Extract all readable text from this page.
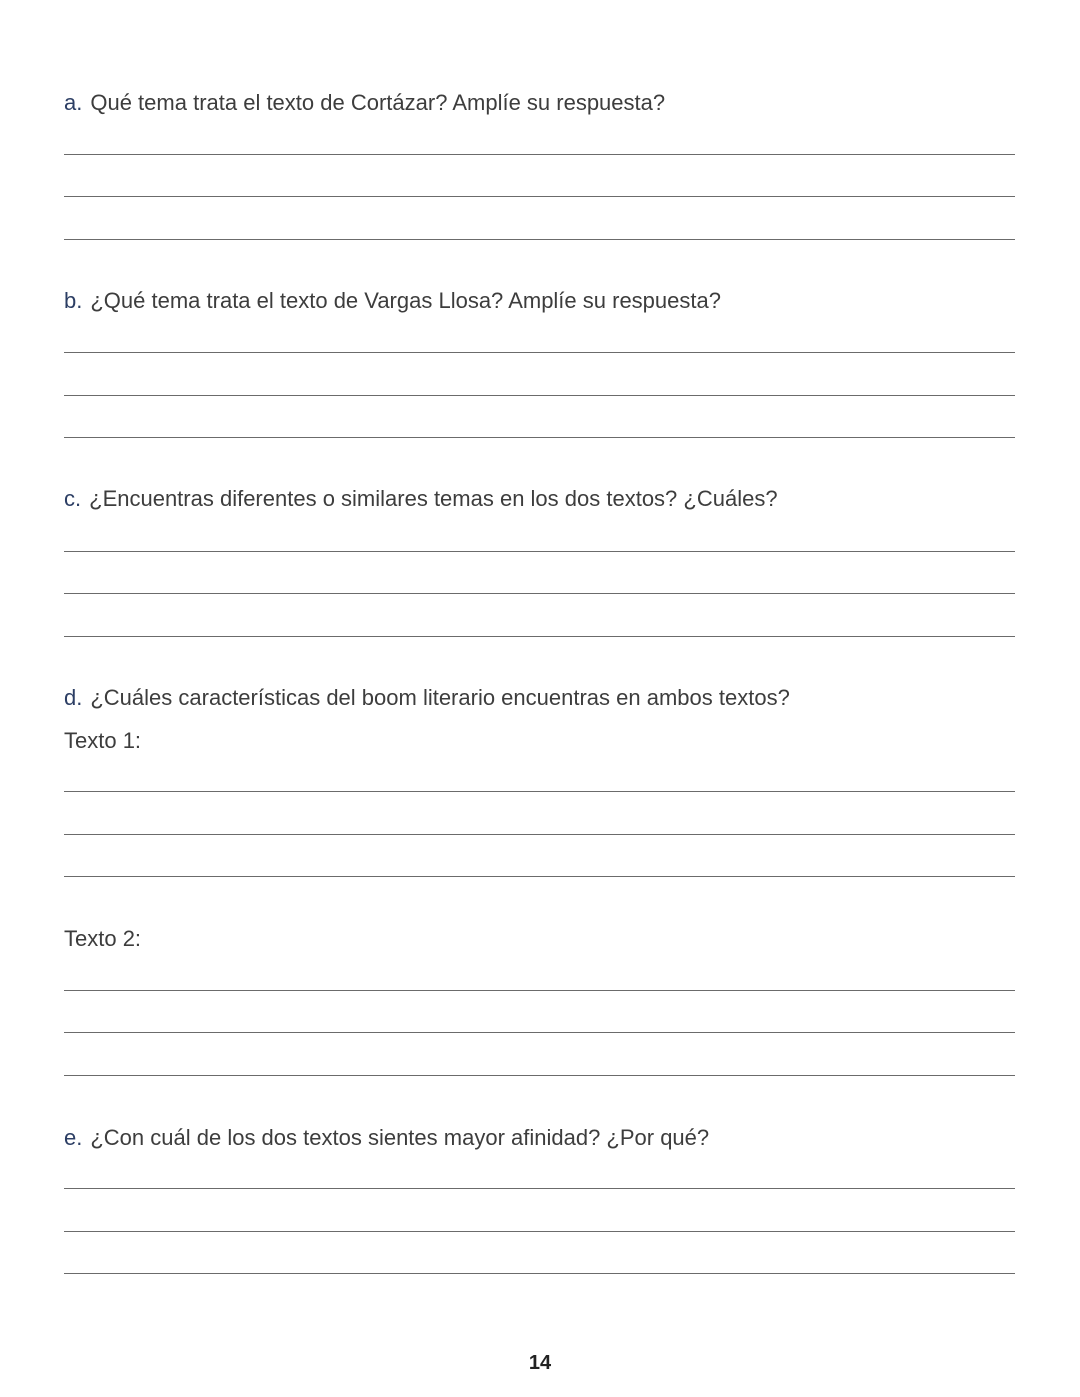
a. Qué tema trata el texto de Cortázar? Amplíe su respuesta?
b. ¿Qué tema trata el texto de Vargas Llosa? Amplíe su respuesta?
c. ¿Encuentras diferentes o similares temas en los dos textos? ¿Cuáles?
d. ¿Cuáles características del boom literario encuentras en ambos textos?
Texto 1:
Texto 2:
e. ¿Con cuál de los dos textos sientes mayor afinidad? ¿Por qué?
14
